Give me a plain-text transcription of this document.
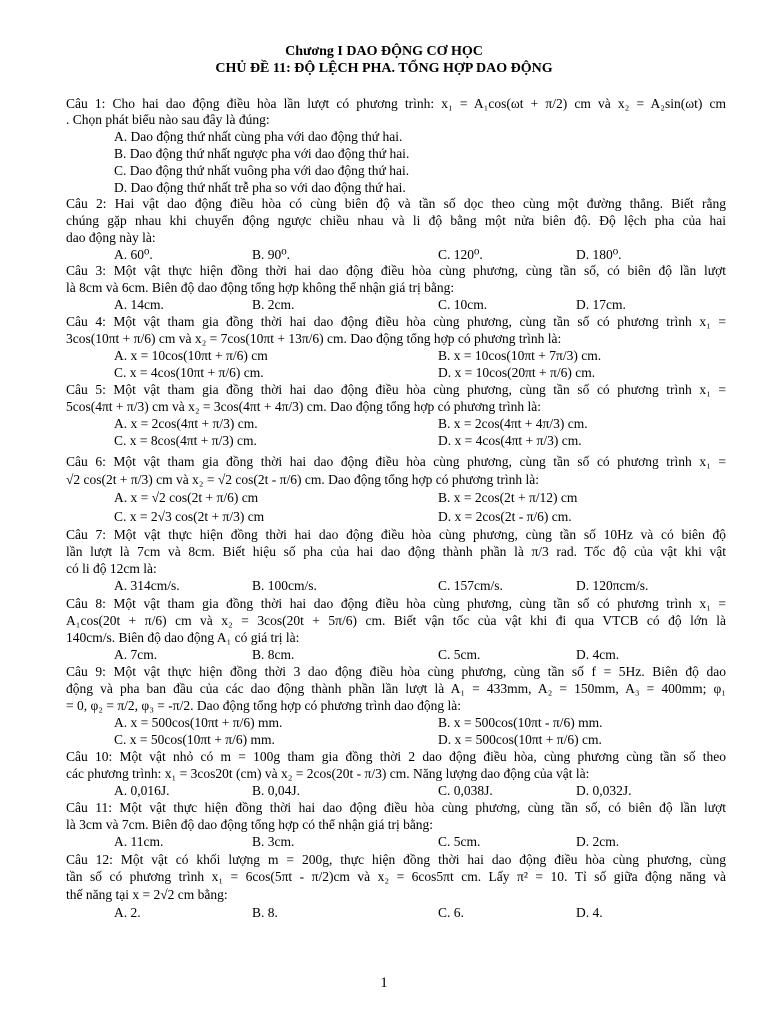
Chương I DAO ĐỘNG CƠ HỌC
CHỦ ĐỀ 11: ĐỘ LỆCH PHA. TỔNG HỢP DAO ĐỘNG
Câu 1: Cho hai dao động điều hòa lần lượt có phương trình: x₁ = A₁cos(ωt + π/2) cm và x₂ = A₂sin(ωt) cm
. Chọn phát biểu nào sau đây là đúng:
A. Dao động thứ nhất cùng pha với dao động thứ hai.
B. Dao động thứ nhất ngược pha với dao động thứ hai.
C. Dao động thứ nhất vuông pha với dao động thứ hai.
D. Dao động thứ nhất trễ pha so với dao động thứ hai.
Câu 2: Hai vật dao động điều hòa có cùng biên độ và tần số dọc theo cùng một đường thẳng. Biết rằng
chúng gặp nhau khi chuyển động ngược chiều nhau và li độ bằng một nửa biên độ. Độ lệch pha của hai
dao động này là:
A. 60⁰.	B. 90⁰.	C. 120⁰.	D. 180⁰.
Câu 3: Một vật thực hiện đồng thời hai dao động điều hòa cùng phương, cùng tần số, có biên độ lần lượt
là 8cm và 6cm. Biên độ dao động tổng hợp không thể nhận giá trị bằng:
A. 14cm.	B. 2cm.	C. 10cm.	D. 17cm.
Câu 4: Một vật tham gia đồng thời hai dao động điều hòa cùng phương, cùng tần số có phương trình x₁ =
3cos(10πt + π/6) cm và x₂ = 7cos(10πt + 13π/6) cm. Dao động tổng hợp có phương trình là:
A. x = 10cos(10πt + π/6) cm	B. x = 10cos(10πt + 7π/3) cm.
C. x = 4cos(10πt + π/6) cm.	D. x = 10cos(20πt + π/6) cm.
Câu 5: Một vật tham gia đồng thời hai dao động điều hòa cùng phương, cùng tần số có phương trình x₁ =
5cos(4πt + π/3) cm và x₂ = 3cos(4πt + 4π/3) cm. Dao động tổng hợp có phương trình là:
A. x = 2cos(4πt + π/3) cm.	B. x = 2cos(4πt + 4π/3) cm.
C. x = 8cos(4πt + π/3) cm.	D. x = 4cos(4πt + π/3) cm.
Câu 6: Một vật tham gia đồng thời hai dao động điều hòa cùng phương, cùng tần số có phương trình x₁ =
√2 cos(2t + π/3) cm và x₂ = √2 cos(2t - π/6) cm. Dao động tổng hợp có phương trình là:
A. x = √2 cos(2t + π/6) cm	B. x = 2cos(2t + π/12) cm
C. x = 2√3 cos(2t + π/3) cm	D. x = 2cos(2t - π/6) cm.
Câu 7: Một vật thực hiện đồng thời hai dao động điều hòa cùng phương, cùng tần số 10Hz và có biên độ
lần lượt là 7cm và 8cm. Biết hiệu số pha của hai dao động thành phần là π/3 rad. Tốc độ của vật khi vật
có li độ 12cm là:
A. 314cm/s.	B. 100cm/s.	C. 157cm/s.	D. 120πcm/s.
Câu 8: Một vật tham gia đồng thời hai dao động điều hòa cùng phương, cùng tần số có phương trình x₁ =
A₁cos(20t + π/6) cm và x₂ = 3cos(20t + 5π/6) cm. Biết vận tốc của vật khi đi qua VTCB có độ lớn là
140cm/s. Biên độ dao động A₁ có giá trị là:
A. 7cm.	B. 8cm.	C. 5cm.	D. 4cm.
Câu 9: Một vật thực hiện đồng thời 3 dao động điều hòa cùng phương, cùng tần số f = 5Hz. Biên độ dao
động và pha ban đầu của các dao động thành phần lần lượt là A₁ = 433mm, A₂ = 150mm, A₃ = 400mm; φ₁
= 0, φ₂ = π/2, φ₃ = -π/2. Dao động tổng hợp có phương trình dao động là:
A. x = 500cos(10πt + π/6) mm.	B. x = 500cos(10πt - π/6) mm.
C. x = 50cos(10πt + π/6) mm.	D. x = 500cos(10πt + π/6) cm.
Câu 10: Một vật nhỏ có m = 100g tham gia đồng thời 2 dao động điều hòa, cùng phương cùng tần số theo
các phương trình: x₁ = 3cos20t (cm) và x₂ = 2cos(20t - π/3) cm. Năng lượng dao động của vật là:
A. 0,016J.	B. 0,04J.	C. 0,038J.	D. 0,032J.
Câu 11: Một vật thực hiện đồng thời hai dao động điều hòa cùng phương, cùng tần số, có biên độ lần lượt
là 3cm và 7cm. Biên độ dao động tổng hợp có thể nhận giá trị bằng:
A. 11cm.	B. 3cm.	C. 5cm.	D. 2cm.
Câu 12: Một vật có khối lượng m = 200g, thực hiện đồng thời hai dao động điều hòa cùng phương, cùng
tần số có phương trình x₁ = 6cos(5πt - π/2)cm và x₂ = 6cos5πt cm. Lấy π² = 10. Tỉ số giữa động năng và
thế năng tại x = 2√2 cm bằng:
A. 2.	B. 8.	C. 6.	D. 4.
1
